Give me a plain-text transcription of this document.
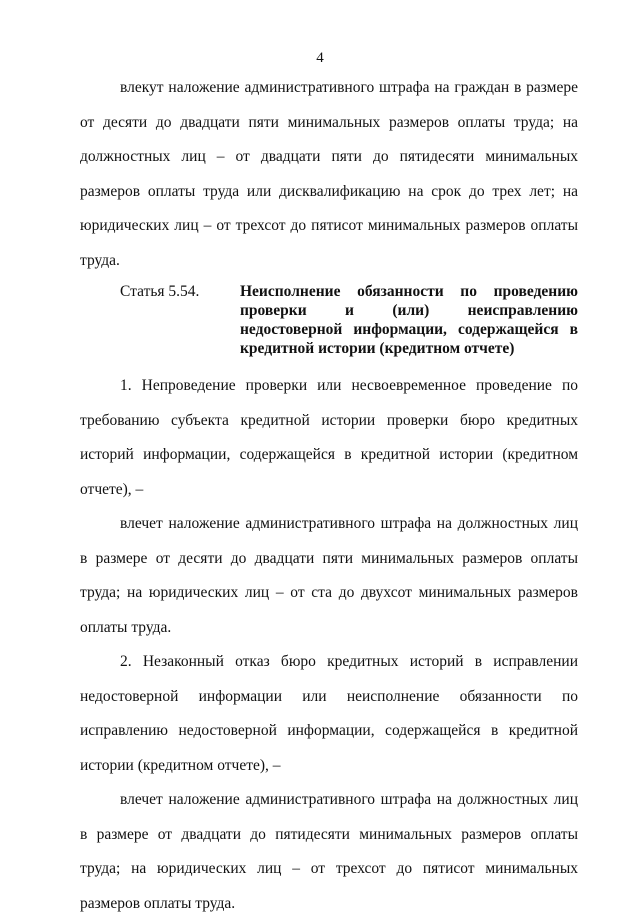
4

влекут наложение административного штрафа на граждан в размере от десяти до двадцати пяти минимальных размеров оплаты труда; на должностных лиц – от двадцати пяти до пятидесяти минимальных размеров оплаты труда или дисквалификацию на срок до трех лет; на юридических лиц – от трехсот до пятисот минимальных размеров оплаты труда.

Статья 5.54.	Неисполнение обязанности по проведению проверки и (или) неисправлению недостоверной информации, содержащейся в кредитной истории (кредитном отчете)

1. Непроведение проверки или несвоевременное проведение по требованию субъекта кредитной истории проверки бюро кредитных историй информации, содержащейся в кредитной истории (кредитном отчете), –

влечет наложение административного штрафа на должностных лиц в размере от десяти до двадцати пяти минимальных размеров оплаты труда; на юридических лиц – от ста до двухсот минимальных размеров оплаты труда.

2. Незаконный отказ бюро кредитных историй в исправлении недостоверной информации или неисполнение обязанности по исправлению недостоверной информации, содержащейся в кредитной истории (кредитном отчете), –

влечет наложение административного штрафа на должностных лиц в размере от двадцати до пятидесяти минимальных размеров оплаты труда; на юридических лиц – от трехсот до пятисот минимальных размеров оплаты труда.
